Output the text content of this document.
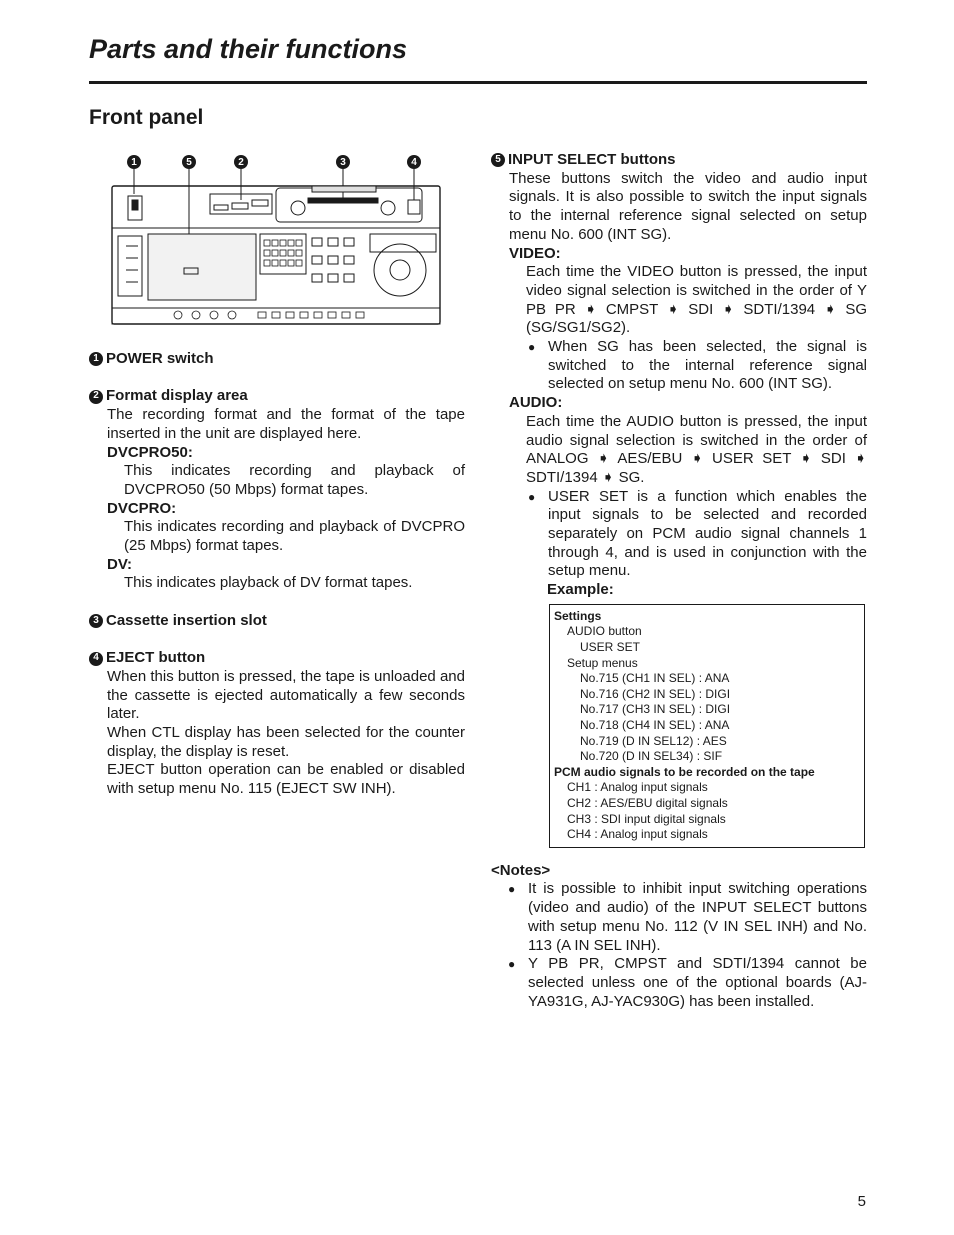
Parts and their functions
Front panel
1	5	2	3	4
1 POWER switch
2 Format display area
The recording format and the format of the tape inserted in the unit are displayed here.
DVCPRO50:
This indicates recording and playback of DVCPRO50 (50 Mbps) format tapes.
DVCPRO:
This indicates recording and playback of DVCPRO (25 Mbps) format tapes.
DV:
This indicates playback of DV format tapes.
3 Cassette insertion slot
4 EJECT button
When this button is pressed, the tape is unloaded and the cassette is ejected automatically a few seconds later.
When CTL display has been selected for the counter display, the display is reset.
EJECT button operation can be enabled or disabled with setup menu No. 115 (EJECT SW INH).
5 INPUT SELECT buttons
These buttons switch the video and audio input signals. It is also possible to switch the input signals to the internal reference signal selected on setup menu No. 600 (INT SG).
VIDEO:
Each time the VIDEO button is pressed, the input video signal selection is switched in the order of Y PB PR ➧ CMPST ➧ SDI ➧ SDTI/1394 ➧ SG (SG/SG1/SG2).
● When SG has been selected, the signal is switched to the internal reference signal selected on setup menu No. 600 (INT SG).
AUDIO:
Each time the AUDIO button is pressed, the input audio signal selection is switched in the order of ANALOG ➧ AES/EBU ➧ USER SET ➧ SDI ➧ SDTI/1394 ➧ SG.
● USER SET is a function which enables the input signals to be selected and recorded separately on PCM audio signal channels 1 through 4, and is used in conjunction with the setup menu.
Example:
Settings
AUDIO button
USER SET
Setup menus
No.715 (CH1 IN SEL) : ANA
No.716 (CH2 IN SEL) : DIGI
No.717 (CH3 IN SEL) : DIGI
No.718 (CH4 IN SEL) : ANA
No.719 (D IN SEL12) : AES
No.720 (D IN SEL34) : SIF
PCM audio signals to be recorded on the tape
CH1 : Analog input signals
CH2 : AES/EBU digital signals
CH3 : SDI input digital signals
CH4 : Analog input signals
<Notes>
● It is possible to inhibit input switching operations (video and audio) of the INPUT SELECT buttons with setup menu No. 112 (V IN SEL INH) and No. 113 (A IN SEL INH).
● Y PB PR, CMPST and SDTI/1394 cannot be selected unless one of the optional boards (AJ-YA931G, AJ-YAC930G) has been installed.
5
